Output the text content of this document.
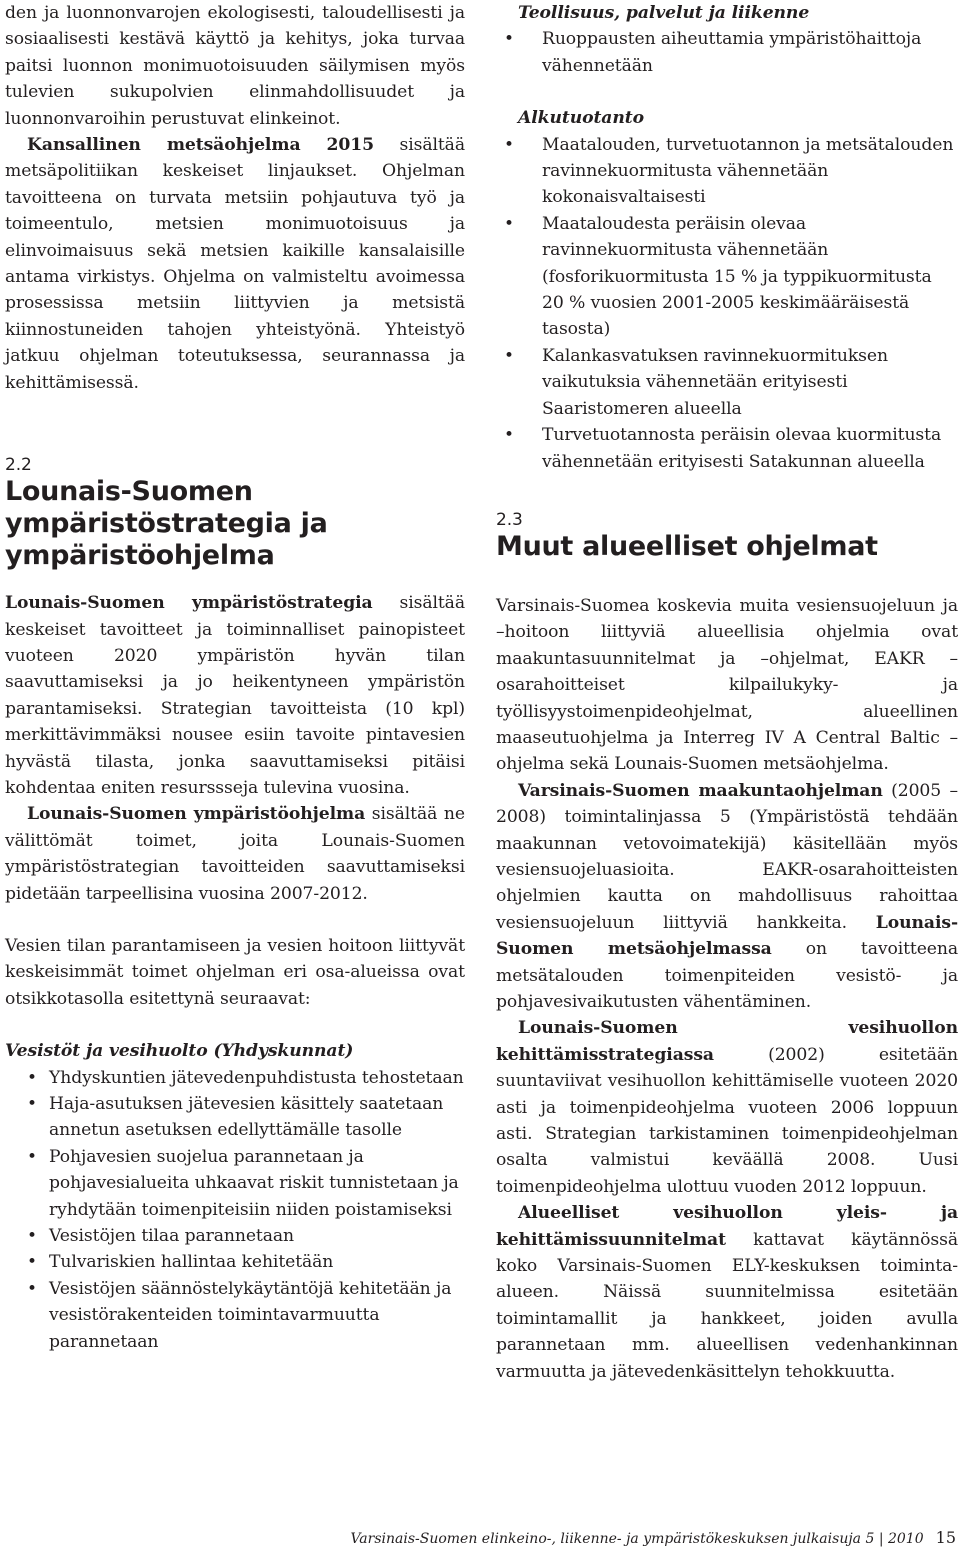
den ja luonnonvarojen ekologisesti, taloudellisesti ja sosiaalisesti kestävä käyttö ja kehitys, joka turvaa paitsi luonnon monimuotoisuuden säilymisen myös tulevien sukupolvien elinmahdollisuudet ja luonnonvaroihin perustuvat elinkeinot.

Kansallinen metsäohjelma 2015 sisältää metsäpolitiikan keskeiset linjaukset. Ohjelman tavoitteena on turvata metsiin pohjautuva työ ja toimeentulo, metsien monimuotoisuus ja elinvoimaisuus sekä metsien kaikille kansalaisille antama virkistys. Ohjelma on valmisteltu avoimessa prosessissa metsiin liittyvien ja metsistä kiinnostuneiden tahojen yhteistyönä. Yhteistyö jatkuu ohjelman toteutuksessa, seurannassa ja kehittämisessä.

2.2
Lounais-Suomen ympäristöstrategia ja ympäristöohjelma

Lounais-Suomen ympäristöstrategia sisältää keskeiset tavoitteet ja toiminnalliset painopisteet vuoteen 2020 ympäristön hyvän tilan saavuttamiseksi ja jo heikentyneen ympäristön parantamiseksi. Strategian tavoitteista (10 kpl) merkittävimmäksi nousee esiin tavoite pintavesien hyvästä tilasta, jonka saavuttamiseksi pitäisi kohdentaa eniten resurssseja tulevina vuosina.

Lounais-Suomen ympäristöohjelma sisältää ne välittömät toimet, joita Lounais-Suomen ympäristöstrategian tavoitteiden saavuttamiseksi pidetään tarpeellisina vuosina 2007-2012.

Vesien tilan parantamiseen ja vesien hoitoon liittyvät keskeisimmät toimet ohjelman eri osa-alueissa ovat otsikkotasolla esitettynä seuraavat:

Vesistöt ja vesihuolto (Yhdyskunnat)

• Yhdyskuntien jätevedenpuhdistusta tehostetaan
• Haja-asutuksen jätevesien käsittely saatetaan annetun asetuksen edellyttämälle tasolle
• Pohjavesien suojelua parannetaan ja pohjavesialueita uhkaavat riskit tunnistetaan ja ryhdytään toimenpiteisiin niiden poistamiseksi
• Vesistöjen tilaa parannetaan
• Tulvariskien hallintaa kehitetään
• Vesistöjen säännöstelykäytäntöjä kehitetään ja vesistörakenteiden toimintavarmuutta parannetaan

Teollisuus, palvelut ja liikenne

• Ruoppausten aiheuttamia ympäristöhaittoja vähennetään

Alkutuotanto

• Maatalouden, turvetuotannon ja metsätalouden ravinnekuormitusta vähennetään kokonaisvaltaisesti
• Maataloudesta peräisin olevaa ravinnekuormitusta vähennetään (fosforikuormitusta 15 % ja typpikuormitusta 20 % vuosien 2001-2005 keskimääräisestä tasosta)
• Kalankasvatuksen ravinnekuormituksen vaikutuksia vähennetään erityisesti Saaristomeren alueella
• Turvetuotannosta peräisin olevaa kuormitusta vähennetään erityisesti Satakunnan alueella
2.3
Muut alueelliset ohjelmat

Varsinais-Suomea koskevia muita vesiensuojeluun ja –hoitoon liittyviä alueellisia ohjelmia ovat maakuntasuunnitelmat ja –ohjelmat, EAKR –osarahoitteiset kilpailukyky- ja työllisyystoimenpideohjelmat, alueellinen maaseutuohjelma ja Interreg IV A Central Baltic –ohjelma sekä Lounais-Suomen metsäohjelma.

Varsinais-Suomen maakuntaohjelman (2005 – 2008) toimintalinjassa 5 (Ympäristöstä tehdään maakunnan vetovoimatekijä) käsitellään myös vesiensuojeluasioita. EAKR-osarahoitteisten ohjelmien kautta on mahdollisuus rahoittaa vesiensuojeluun liittyviä hankkeita. Lounais-Suomen metsäohjelmassa on tavoitteena metsätalouden toimenpiteiden vesistö- ja pohjavesivaikutusten vähentäminen.

Lounais-Suomen vesihuollon kehittämisstrategiassa (2002) esitetään suuntaviivat vesihuollon kehittämiselle vuoteen 2020 asti ja toimenpideohjelma vuoteen 2006 loppuun asti. Strategian tarkistaminen toimenpideohjelman osalta valmistui keväällä 2008. Uusi toimenpideohjelma ulottuu vuoden 2012 loppuun.

Alueelliset vesihuollon yleis- ja kehittämissuunnitelmat kattavat käytännössä koko Varsinais-Suomen ELY-keskuksen toiminta-alueen. Näissä suunnitelmissa esitetään toimintamallit ja hankkeet, joiden avulla parannetaan mm. alueellisen vedenhankinnan varmuutta ja jätevedenkäsittelyn tehokkuutta.

Varsinais-Suomen elinkeino-, liikenne- ja ympäristökeskuksen julkaisuja 5 | 2010 15
